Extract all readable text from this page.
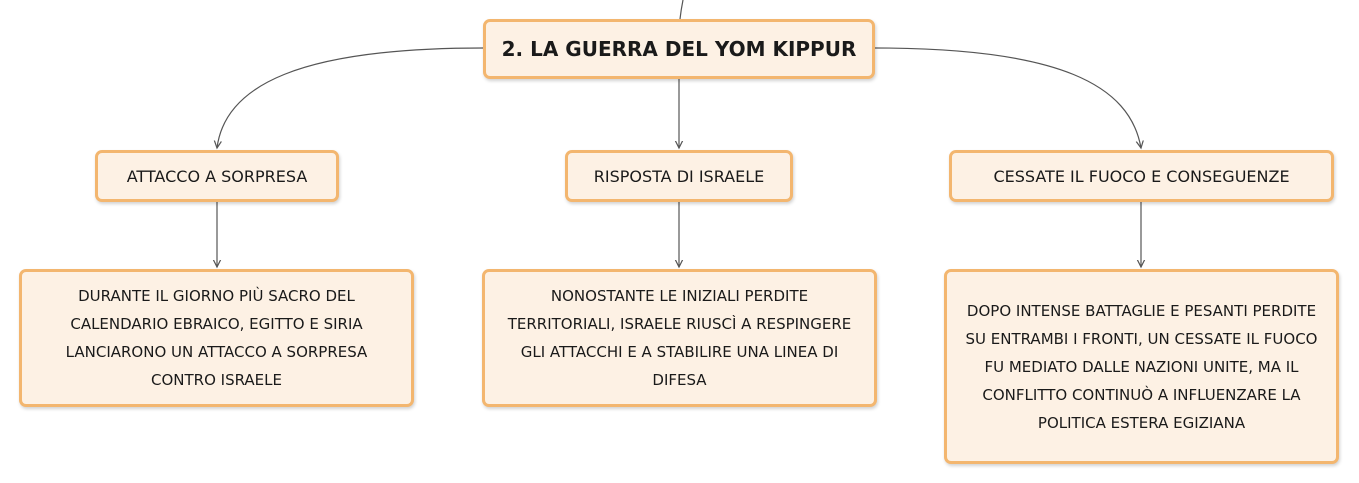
2. LA GUERRA DEL YOM KIPPUR
ATTACCO A SORPRESA	RISPOSTA DI ISRAELE	CESSATE IL FUOCO E CONSEGUENZE
DURANTE IL GIORNO PIÙ SACRO DEL CALENDARIO EBRAICO, EGITTO E SIRIA LANCIARONO UN ATTACCO A SORPRESA CONTRO ISRAELE
NONOSTANTE LE INIZIALI PERDITE TERRITORIALI, ISRAELE RIUSCÌ A RESPINGERE GLI ATTACCHI E A STABILIRE UNA LINEA DI DIFESA
DOPO INTENSE BATTAGLIE E PESANTI PERDITE SU ENTRAMBI I FRONTI, UN CESSATE IL FUOCO FU MEDIATO DALLE NAZIONI UNITE, MA IL CONFLITTO CONTINUÒ A INFLUENZARE LA POLITICA ESTERA EGIZIANA
